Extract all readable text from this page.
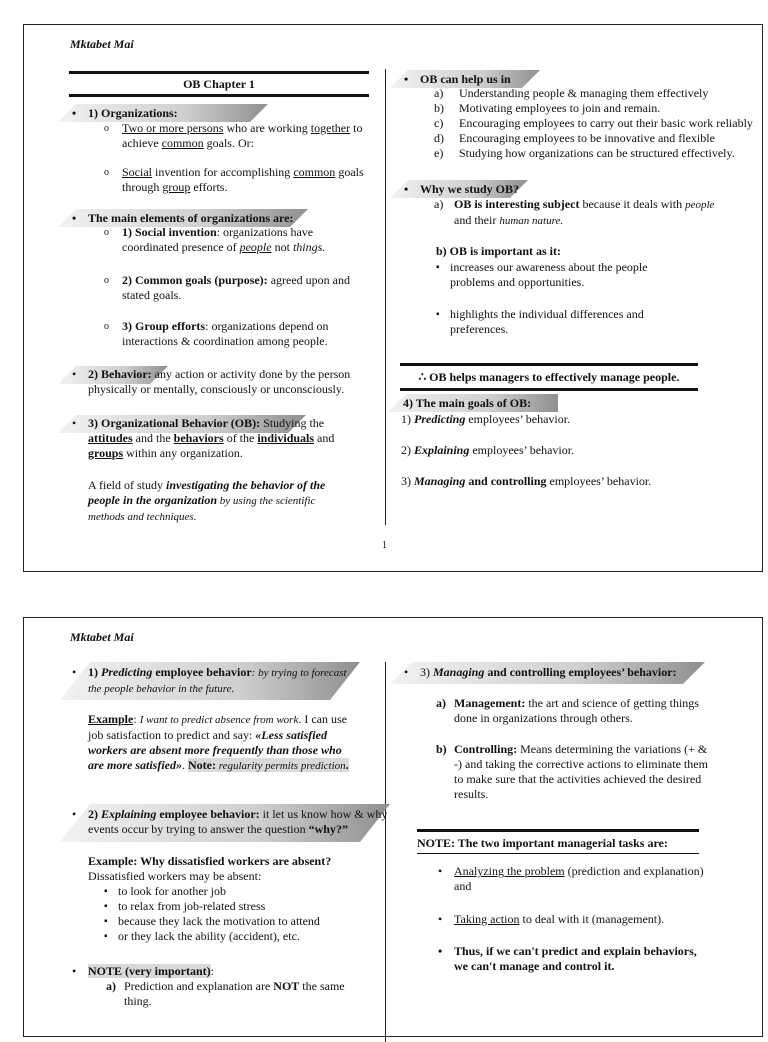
Mktabet Mai
OB Chapter 1
• 1) Organizations:
o Two or more persons who are working together to achieve common goals. Or:
o Social invention for accomplishing common goals through group efforts.
• The main elements of organizations are:
o 1) Social invention: organizations have coordinated presence of people not things.
o 2) Common goals (purpose): agreed upon and stated goals.
o 3) Group efforts: organizations depend on interactions & coordination among people.
2) Behavior: any action or activity done by the person physically or mentally, consciously or unconsciously.
3) Organizational Behavior (OB): Studying the attitudes and the behaviors of the individuals and groups within any organization.
A field of study investigating the behavior of the people in the organization by using the scientific methods and techniques.
• OB can help us in
a) Understanding people & managing them effectively
b) Motivating employees to join and remain.
c) Encouraging employees to carry out their basic work reliably
d) Encouraging employees to be innovative and flexible
e) Studying how organizations can be structured effectively.
• Why we study OB?
a) OB is interesting subject because it deals with people and their human nature.
b) OB is important as it:
▪ increases our awareness about the people problems and opportunities.
▪ highlights the individual differences and preferences.
∴ OB helps managers to effectively manage people.
4) The main goals of OB:
1) Predicting employees’ behavior.
2) Explaining employees’ behavior.
3) Managing and controlling employees’ behavior.
1
Mktabet Mai
1) Predicting employee behavior: by trying to forecast the people behavior in the future.
Example: I want to predict absence from work. I can use job satisfaction to predict and say: «Less satisfied workers are absent more frequently than those who are more satisfied». Note: regularity permits prediction.
2) Explaining employee behavior: it let us know how & why events occur by trying to answer the question “why?”
Example: Why dissatisfied workers are absent?
Dissatisfied workers may be absent:
▪ to look for another job
▪ to relax from job-related stress
▪ because they lack the motivation to attend
▪ or they lack the ability (accident), etc.
NOTE (very important):
a) Prediction and explanation are NOT the same thing.
3) Managing and controlling employees’ behavior:
a) Management: the art and science of getting things done in organizations through others.
b) Controlling: Means determining the variations (+ & -) and taking the corrective actions to eliminate them to make sure that the activities achieved the desired results.
NOTE: The two important managerial tasks are:
• Analyzing the problem (prediction and explanation) and
• Taking action to deal with it (management).
• Thus, if we can't predict and explain behaviors, we can't manage and control it.
